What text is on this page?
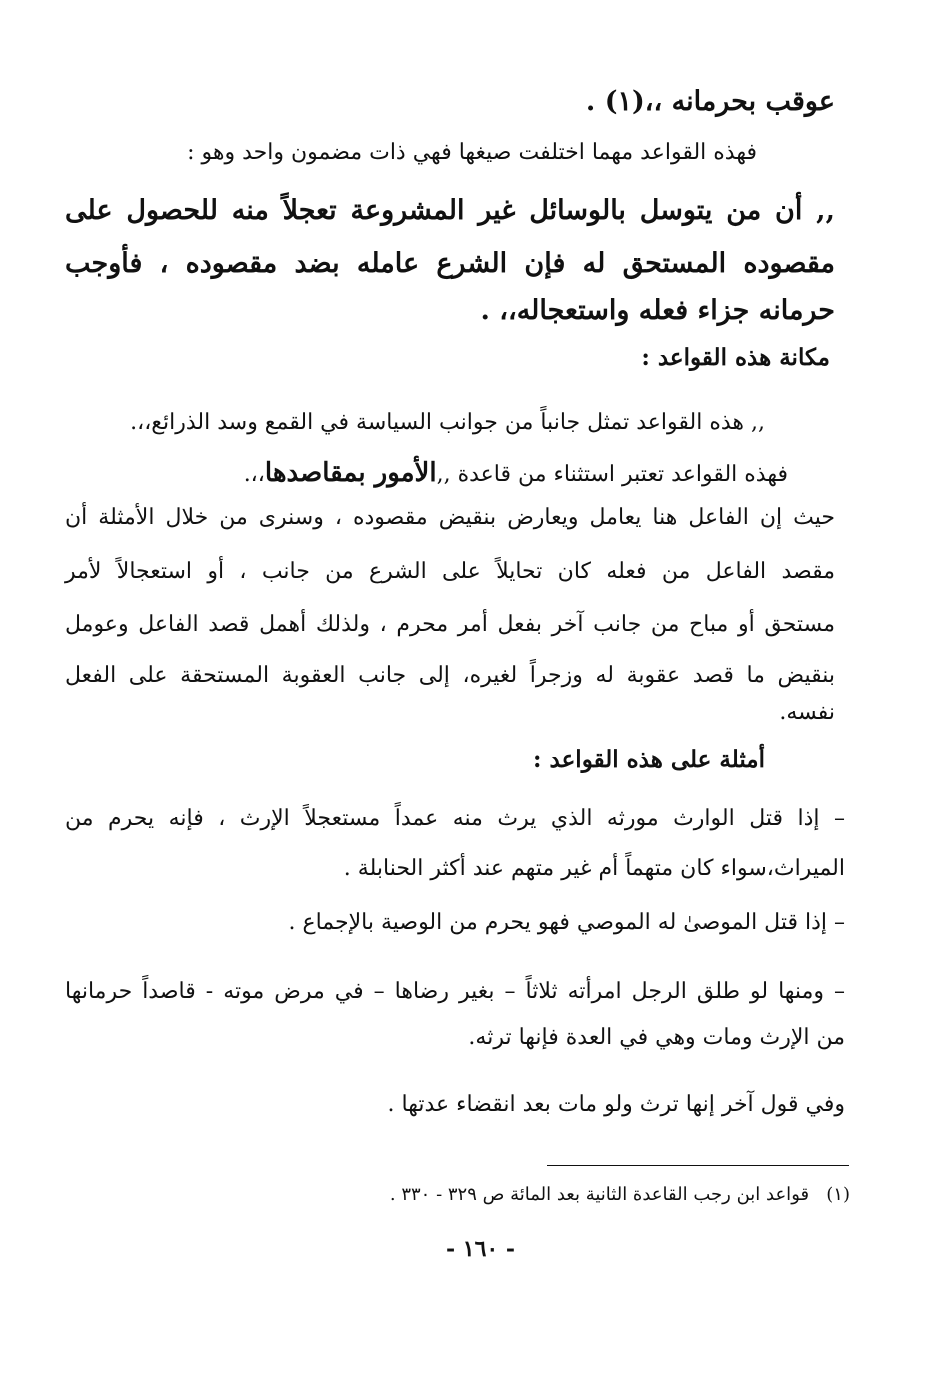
عوقب بحرمانه ،،(١) .
فهذه القواعد مهما اختلفت صيغها فهي ذات مضمون واحد وهو :
,, أن من يتوسل بالوسائل غير المشروعة تعجلاً منه للحصول على
مقصوده المستحق له فإن الشرع عامله بضد مقصوده ، فأوجب
حرمانه جزاء فعله واستعجاله،، .
مكانة هذه القواعد :
,, هذه القواعد تمثل جانباً من جوانب السياسة في القمع وسد الذرائع،،.
فهذه القواعد تعتبر استثناء من قاعدة ,,الأمور بمقاصدها،،.
حيث إن الفاعل هنا يعامل ويعارض بنقيض مقصوده ، وسنرى من خلال الأمثلة أن
مقصد الفاعل من فعله كان تحايلاً على الشرع من جانب ، أو استعجالاً لأمر
مستحق أو مباح من جانب آخر بفعل أمر محرم ، ولذلك أهمل قصد الفاعل وعومل
بنقيض ما قصد عقوبة له وزجراً لغيره، إلى جانب العقوبة المستحقة على الفعل
نفسه.
أمثلة على هذه القواعد :
– إذا قتل الوارث مورثه الذي يرث منه عمداً مستعجلاً الإرث ، فإنه يحرم من
الميراث،سواء كان متهماً أم غير متهم عند أكثر الحنابلة .
– إذا قتل الموصىٰ له الموصي فهو يحرم من الوصية بالإجماع .
– ومنها لو طلق الرجل امرأته ثلاثاً – بغير رضاها – في مرض موته - قاصداً حرمانها
من الإرث ومات وهي في العدة فإنها ترثه.
وفي قول آخر إنها ترث ولو مات بعد انقضاء عدتها .
(١)   قواعد ابن رجب القاعدة الثانية بعد المائة ص ٣٢٩ - ٣٣٠ .
- ١٦٠ -
